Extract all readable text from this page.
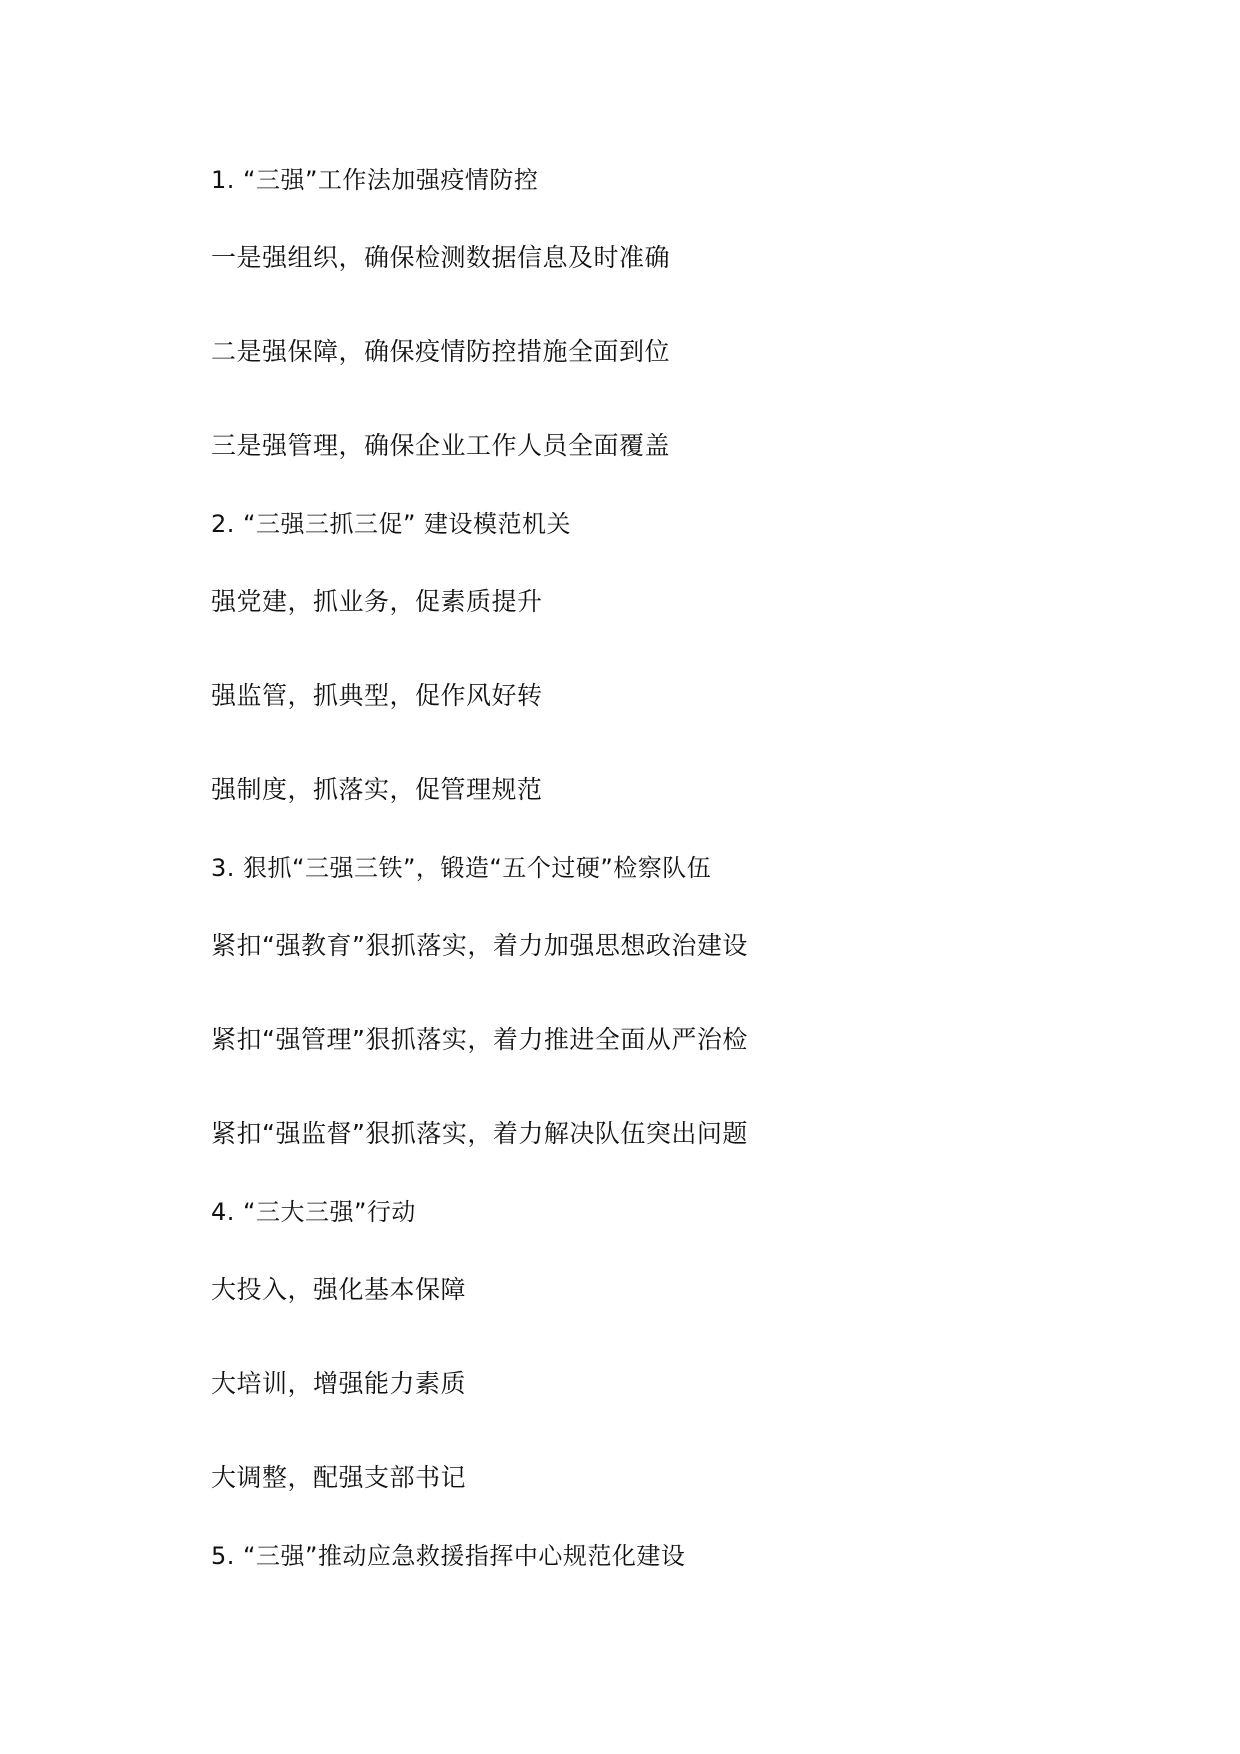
1. “三强”工作法加强疫情防控
一是强组织，确保检测数据信息及时准确
二是强保障，确保疫情防控措施全面到位
三是强管理，确保企业工作人员全面覆盖
2. “三强三抓三促” 建设模范机关
强党建，抓业务，促素质提升
强监管，抓典型，促作风好转
强制度，抓落实，促管理规范
3. 狠抓“三强三铁”，锻造“五个过硬”检察队伍
紧扣“强教育”狠抓落实，着力加强思想政治建设
紧扣“强管理”狠抓落实，着力推进全面从严治检
紧扣“强监督”狠抓落实，着力解决队伍突出问题
4. “三大三强”行动
大投入，强化基本保障
大培训，增强能力素质
大调整，配强支部书记
5. “三强”推动应急救援指挥中心规范化建设
